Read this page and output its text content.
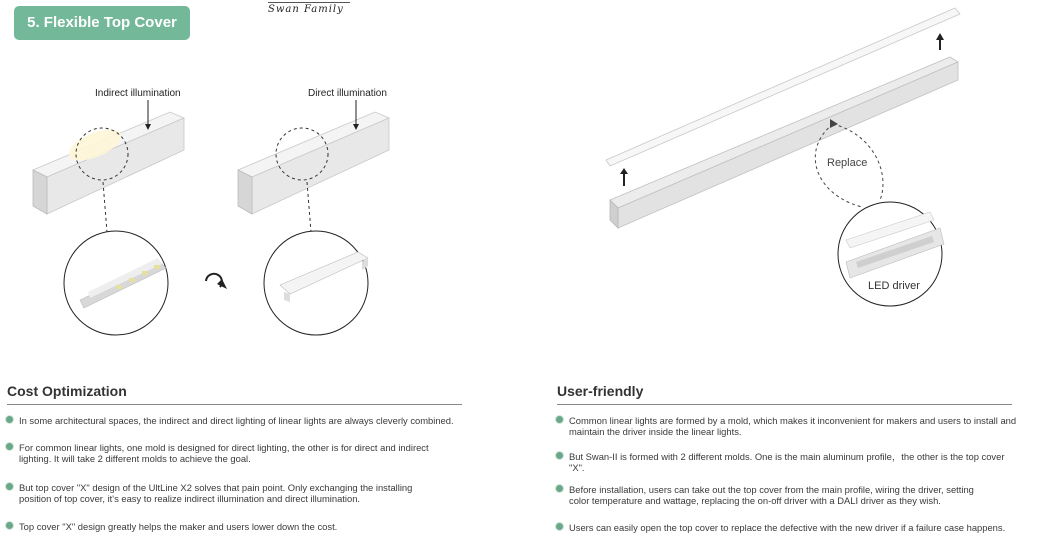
5. Flexible Top Cover "X"
Swan Family
Indirect illumination	Direct illumination
Replace
LED driver
Cost Optimization
In some architectural spaces, the indirect and direct lighting of linear lights are always cleverly combined.
For common linear lights, one mold is designed for direct lighting, the other is for direct and indirect lighting. It will take 2 different molds to achieve the goal.
But top cover "X" design of the UltLine X2 solves that pain point. Only exchanging the installing position of top cover, it's easy to realize indirect illumination and direct illumination.
Top cover "X" design greatly helps the maker and users lower down the cost.
User-friendly
Common linear lights are formed by a mold, which makes it inconvenient for makers and users to install and maintain the driver inside the linear lights.
But Swan-II is formed with 2 different molds. One is the main aluminum profile，the other is the top cover "X".
Before installation, users can take out the top cover from the main profile, wiring the driver, setting color temperature and wattage, replacing the on-off driver with a DALI driver as they wish.
Users can easily open the top cover to replace the defective with the new driver if a failure case happens.
